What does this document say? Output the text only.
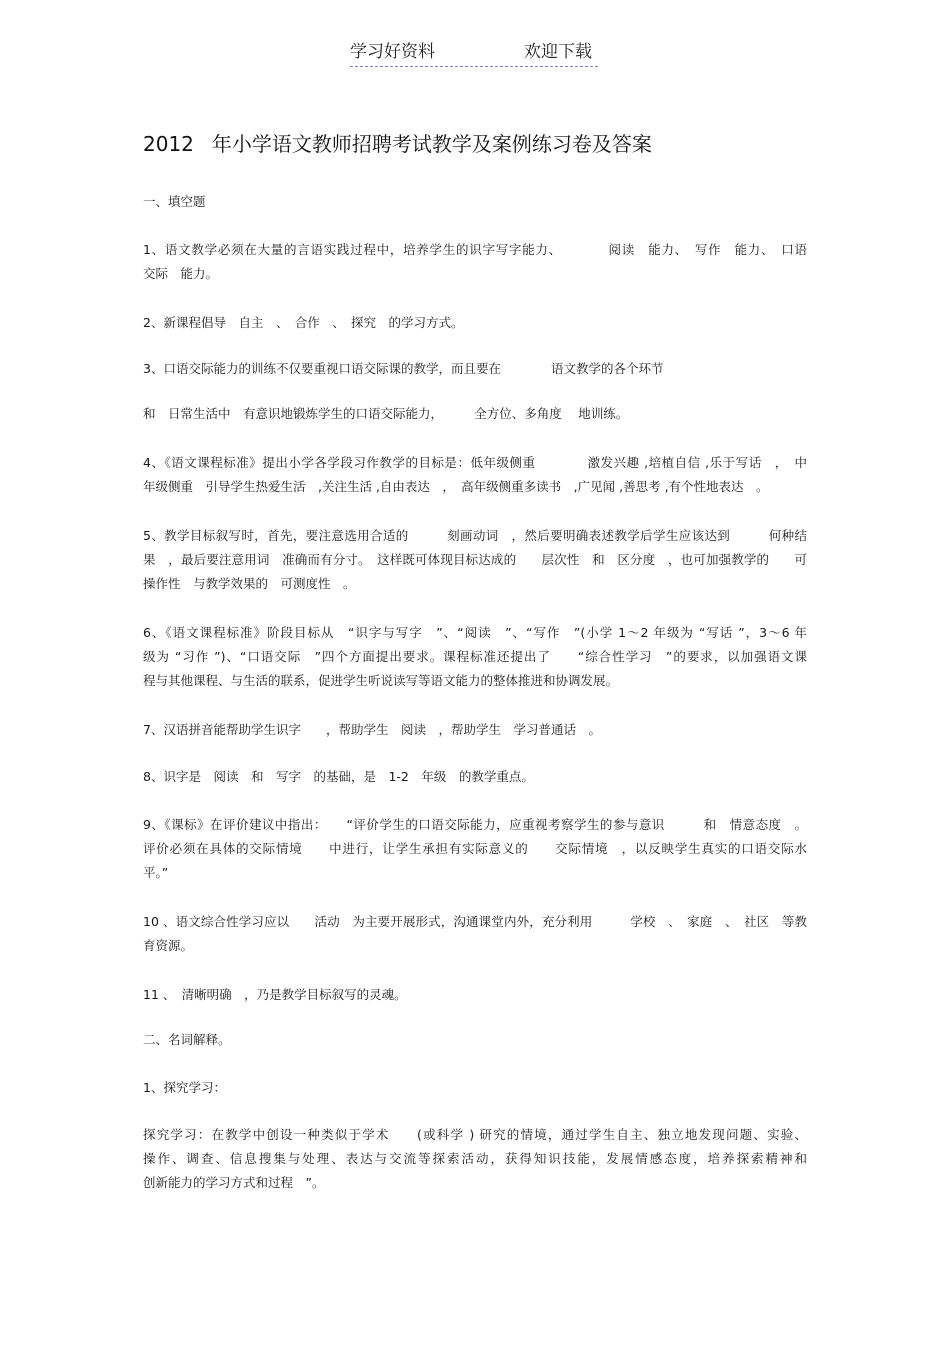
学习好资料	欢迎下载
2012 年小学语文教师招聘考试教学及案例练习卷及答案
一、填空题
1、语文教学必须在大量的言语实践过程中，培养学生的识字写字能力、　　　　阅读　能力、　写作　能力、　口语
交际　能力。
2、新课程倡导　自主　、　合作　、　探究　的学习方式。
3、口语交际能力的训练不仅要重视口语交际课的教学，而且要在　　　　语文教学的各个环节
和　日常生活中　有意识地锻炼学生的口语交际能力，　　　全方位、多角度　 地训练。
4、《语文课程标准》提出小学各学段习作教学的目标是：低年级侧重　　　　激发兴趣 ,培植自信 ,乐于写话　，　中
年级侧重　引导学生热爱生活　,关注生活 ,自由表达　，　高年级侧重多读书　,广见闻 ,善思考 ,有个性地表达　。
5、教学目标叙写时，首先，要注意选用合适的　　　刻画动词　，然后要明确表述教学后学生应该达到　　　何种结
果　，最后要注意用词　准确而有分寸。　这样既可体现目标达成的　　层次性　和　区分度　，也可加强教学的　　可
操作性　与教学效果的　可测度性　。
6、《语文课程标准》阶段目标从　“识字与写字　”、“阅读　”、“写作　”(小学 1～2 年级为 “写话 ”，3～6 年
级为 “习作 ”)、“口语交际　”四个方面提出要求。课程标准还提出了　　“综合性学习　”的要求，以加强语文课
程与其他课程、与生活的联系，促进学生听说读写等语文能力的整体推进和协调发展。
7、汉语拼音能帮助学生识字　　，帮助学生　阅读　，帮助学生　学习普通话　。
8、识字是　阅读　和　写字　的基础，是　1-2　年级　的教学重点。
9、《课标》在评价建议中指出：　　“评价学生的口语交际能力，应重视考察学生的参与意识　　　和　情意态度　。
评价必须在具体的交际情境　　中进行，让学生承担有实际意义的　　交际情境　，以反映学生真实的口语交际水
平。”
10 、语文综合性学习应以　　活动　为主要开展形式，沟通课堂内外，充分利用　　　学校　、　家庭　、　社区　等教
育资源。
11 、　清晰明确　，乃是教学目标叙写的灵魂。
二、名词解释。
1、探究学习：
探究学习：在教学中创设一种类似于学术　　(或科学 ) 研究的情境，通过学生自主、独立地发现问题、实验、
操作、调查、信息搜集与处理、表达与交流等探索活动，获得知识技能，发展情感态度，培养探索精神和
创新能力的学习方式和过程　”。
